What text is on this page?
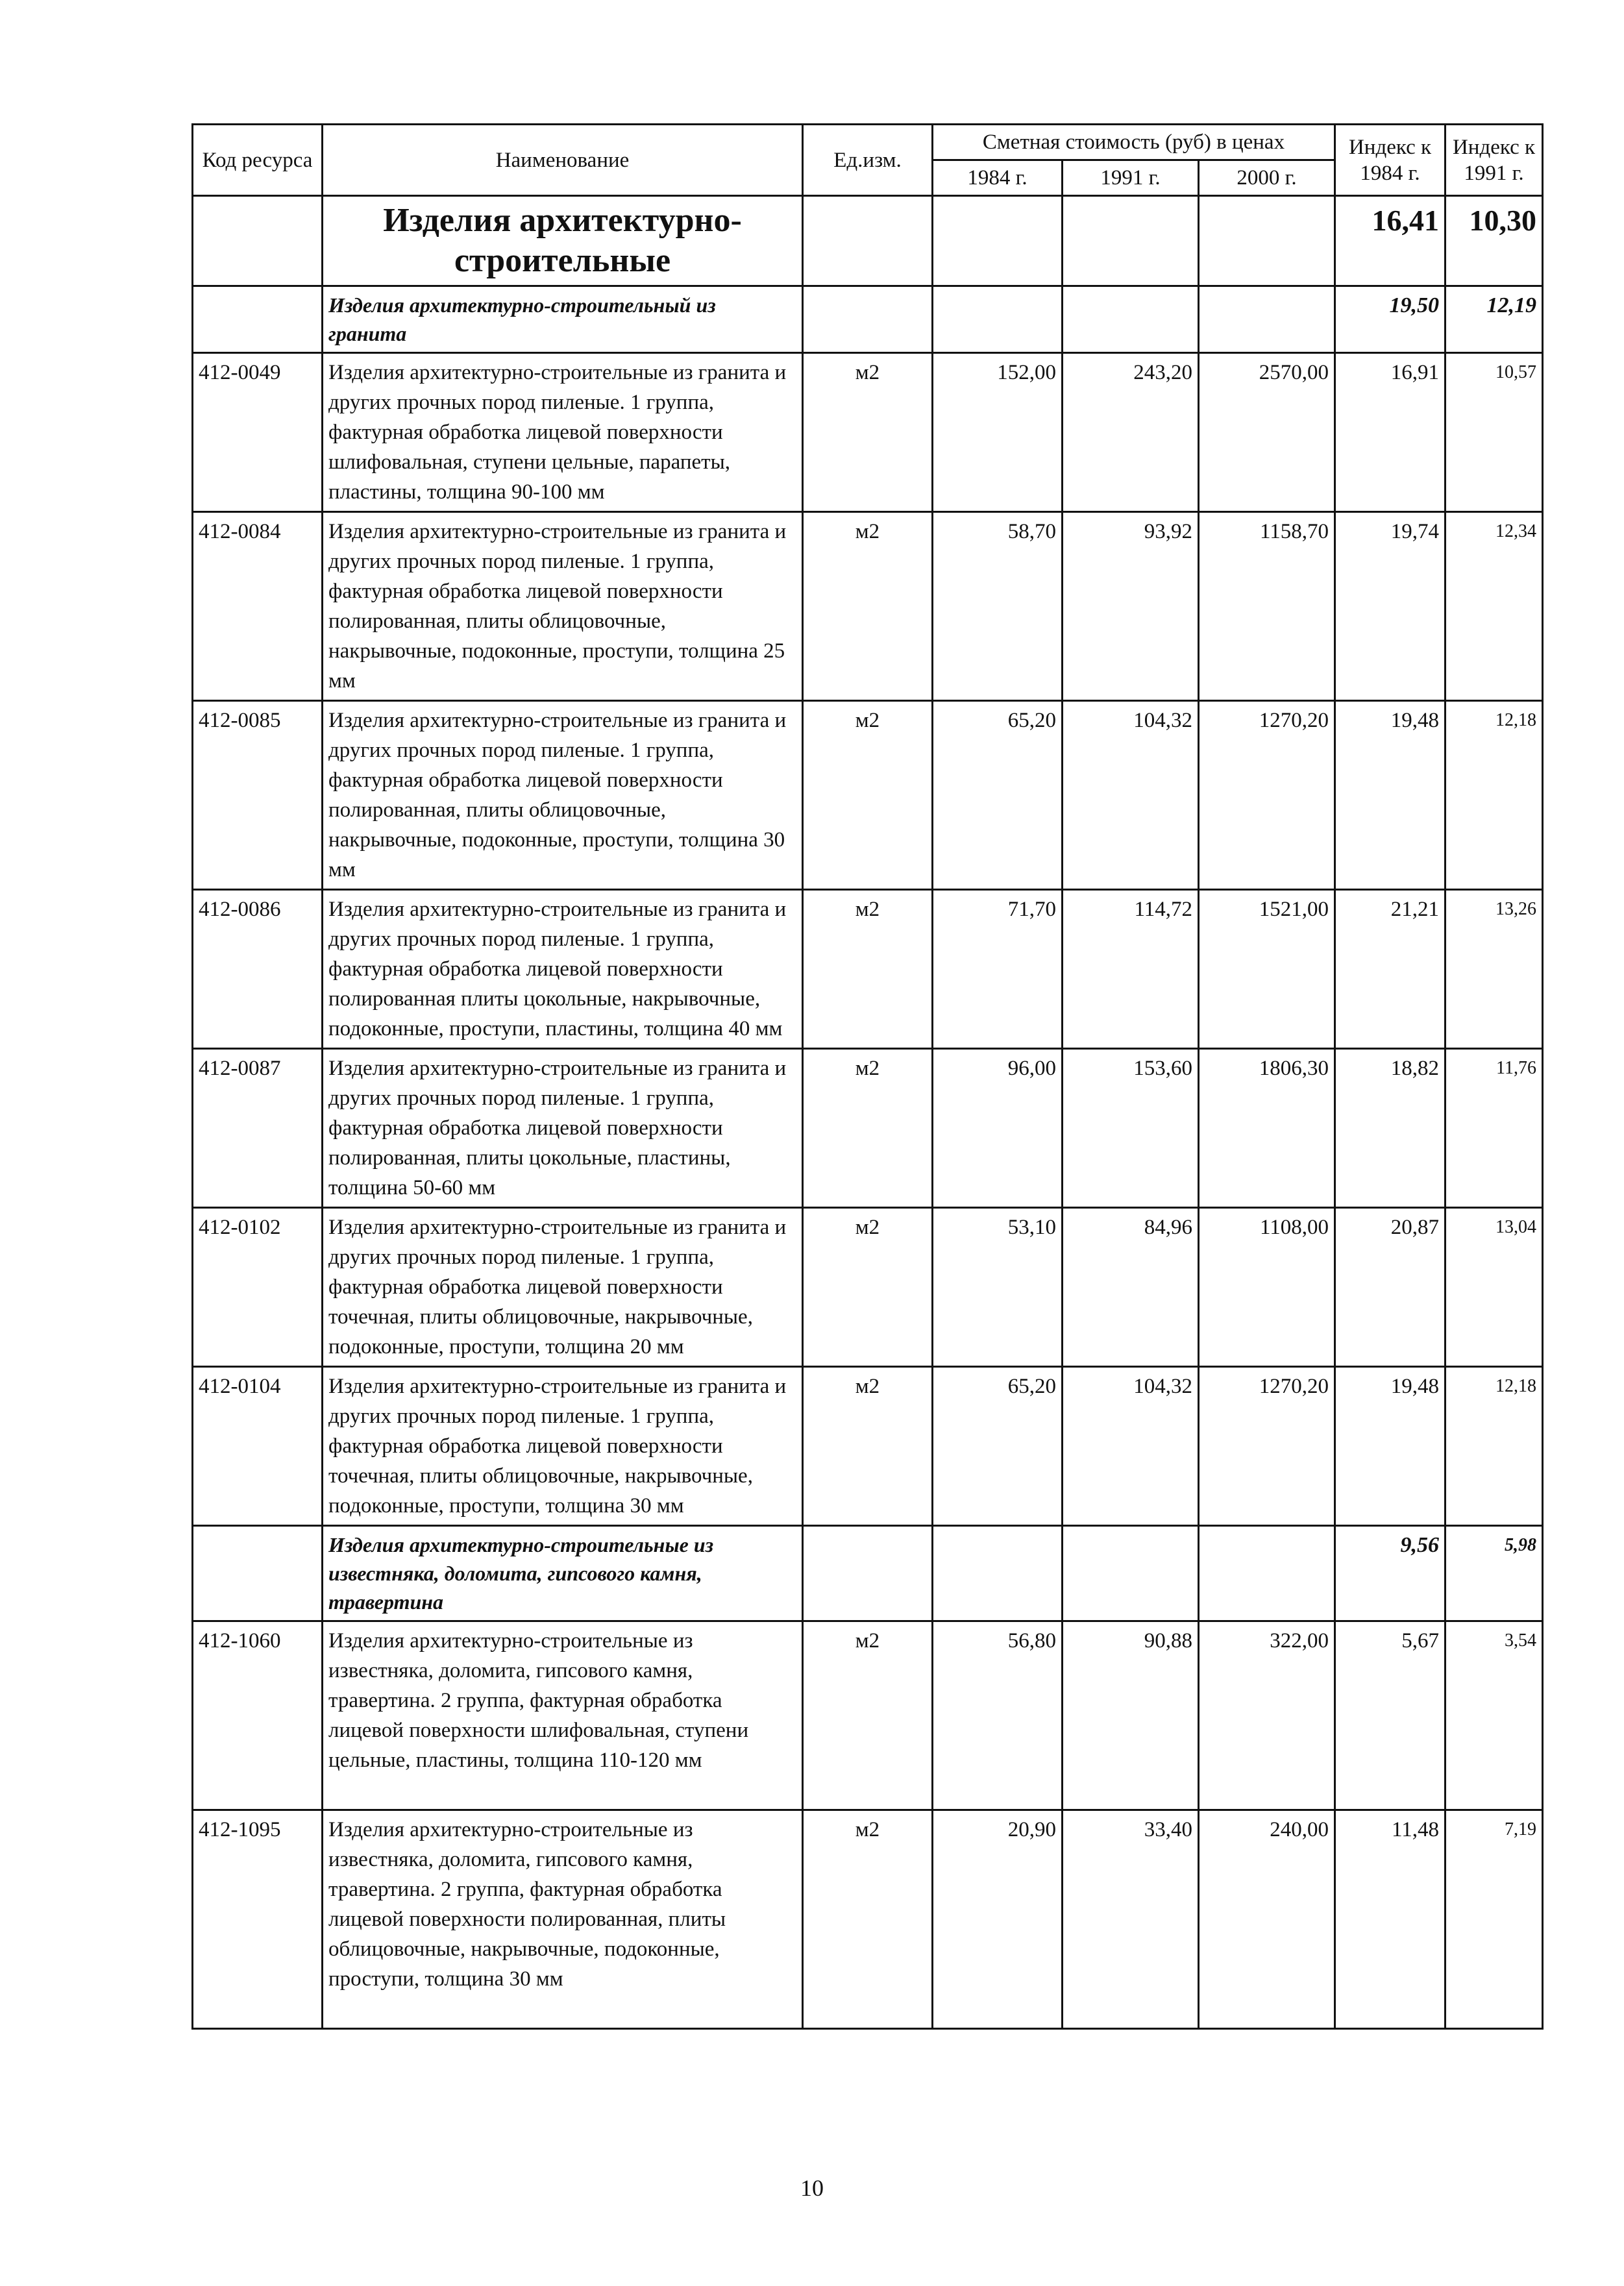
Код ресурса	Наименование	Ед.изм.	Сметная стоимость (руб) в ценах			Индекс к 1984 г.	Индекс к 1991 г.
			1984 г.	1991 г.	2000 г.		
	Изделия архитектурно-строительные					16,41	10,30
	Изделия архитектурно-строительный из гранита					19,50	12,19
412-0049	Изделия архитектурно-строительные из гранита и других прочных пород пиленые. 1 группа, фактурная обработка лицевой поверхности шлифовальная, ступени цельные, парапеты, пластины, толщина 90-100 мм	м2	152,00	243,20	2570,00	16,91	10,57
412-0084	Изделия архитектурно-строительные из гранита и других прочных пород пиленые. 1 группа, фактурная обработка лицевой поверхности полированная, плиты облицовочные, накрывочные, подоконные, проступи, толщина 25 мм	м2	58,70	93,92	1158,70	19,74	12,34
412-0085	Изделия архитектурно-строительные из гранита и других прочных пород пиленые. 1 группа, фактурная обработка лицевой поверхности полированная, плиты облицовочные, накрывочные, подоконные, проступи, толщина 30 мм	м2	65,20	104,32	1270,20	19,48	12,18
412-0086	Изделия архитектурно-строительные из гранита и других прочных пород пиленые. 1 группа, фактурная обработка лицевой поверхности полированная плиты цокольные, накрывочные, подоконные, проступи, пластины, толщина 40 мм	м2	71,70	114,72	1521,00	21,21	13,26
412-0087	Изделия архитектурно-строительные из гранита и других прочных пород пиленые. 1 группа, фактурная обработка лицевой поверхности полированная, плиты цокольные, пластины, толщина 50-60 мм	м2	96,00	153,60	1806,30	18,82	11,76
412-0102	Изделия архитектурно-строительные из гранита и других прочных пород пиленые. 1 группа, фактурная обработка лицевой поверхности точечная, плиты облицовочные, накрывочные, подоконные, проступи, толщина 20 мм	м2	53,10	84,96	1108,00	20,87	13,04
412-0104	Изделия архитектурно-строительные из гранита и других прочных пород пиленые. 1 группа, фактурная обработка лицевой поверхности точечная, плиты облицовочные, накрывочные, подоконные, проступи, толщина 30 мм	м2	65,20	104,32	1270,20	19,48	12,18
	Изделия архитектурно-строительные из известняка, доломита, гипсового камня, травертина					9,56	5,98
412-1060	Изделия архитектурно-строительные из известняка, доломита, гипсового камня, травертина. 2 группа, фактурная обработка лицевой поверхности шлифовальная, ступени цельные, пластины, толщина 110-120 мм	м2	56,80	90,88	322,00	5,67	3,54
412-1095	Изделия архитектурно-строительные из известняка, доломита, гипсового камня, травертина. 2 группа, фактурная обработка лицевой поверхности полированная, плиты облицовочные, накрывочные, подоконные, проступи, толщина 30 мм	м2	20,90	33,40	240,00	11,48	7,19
10
